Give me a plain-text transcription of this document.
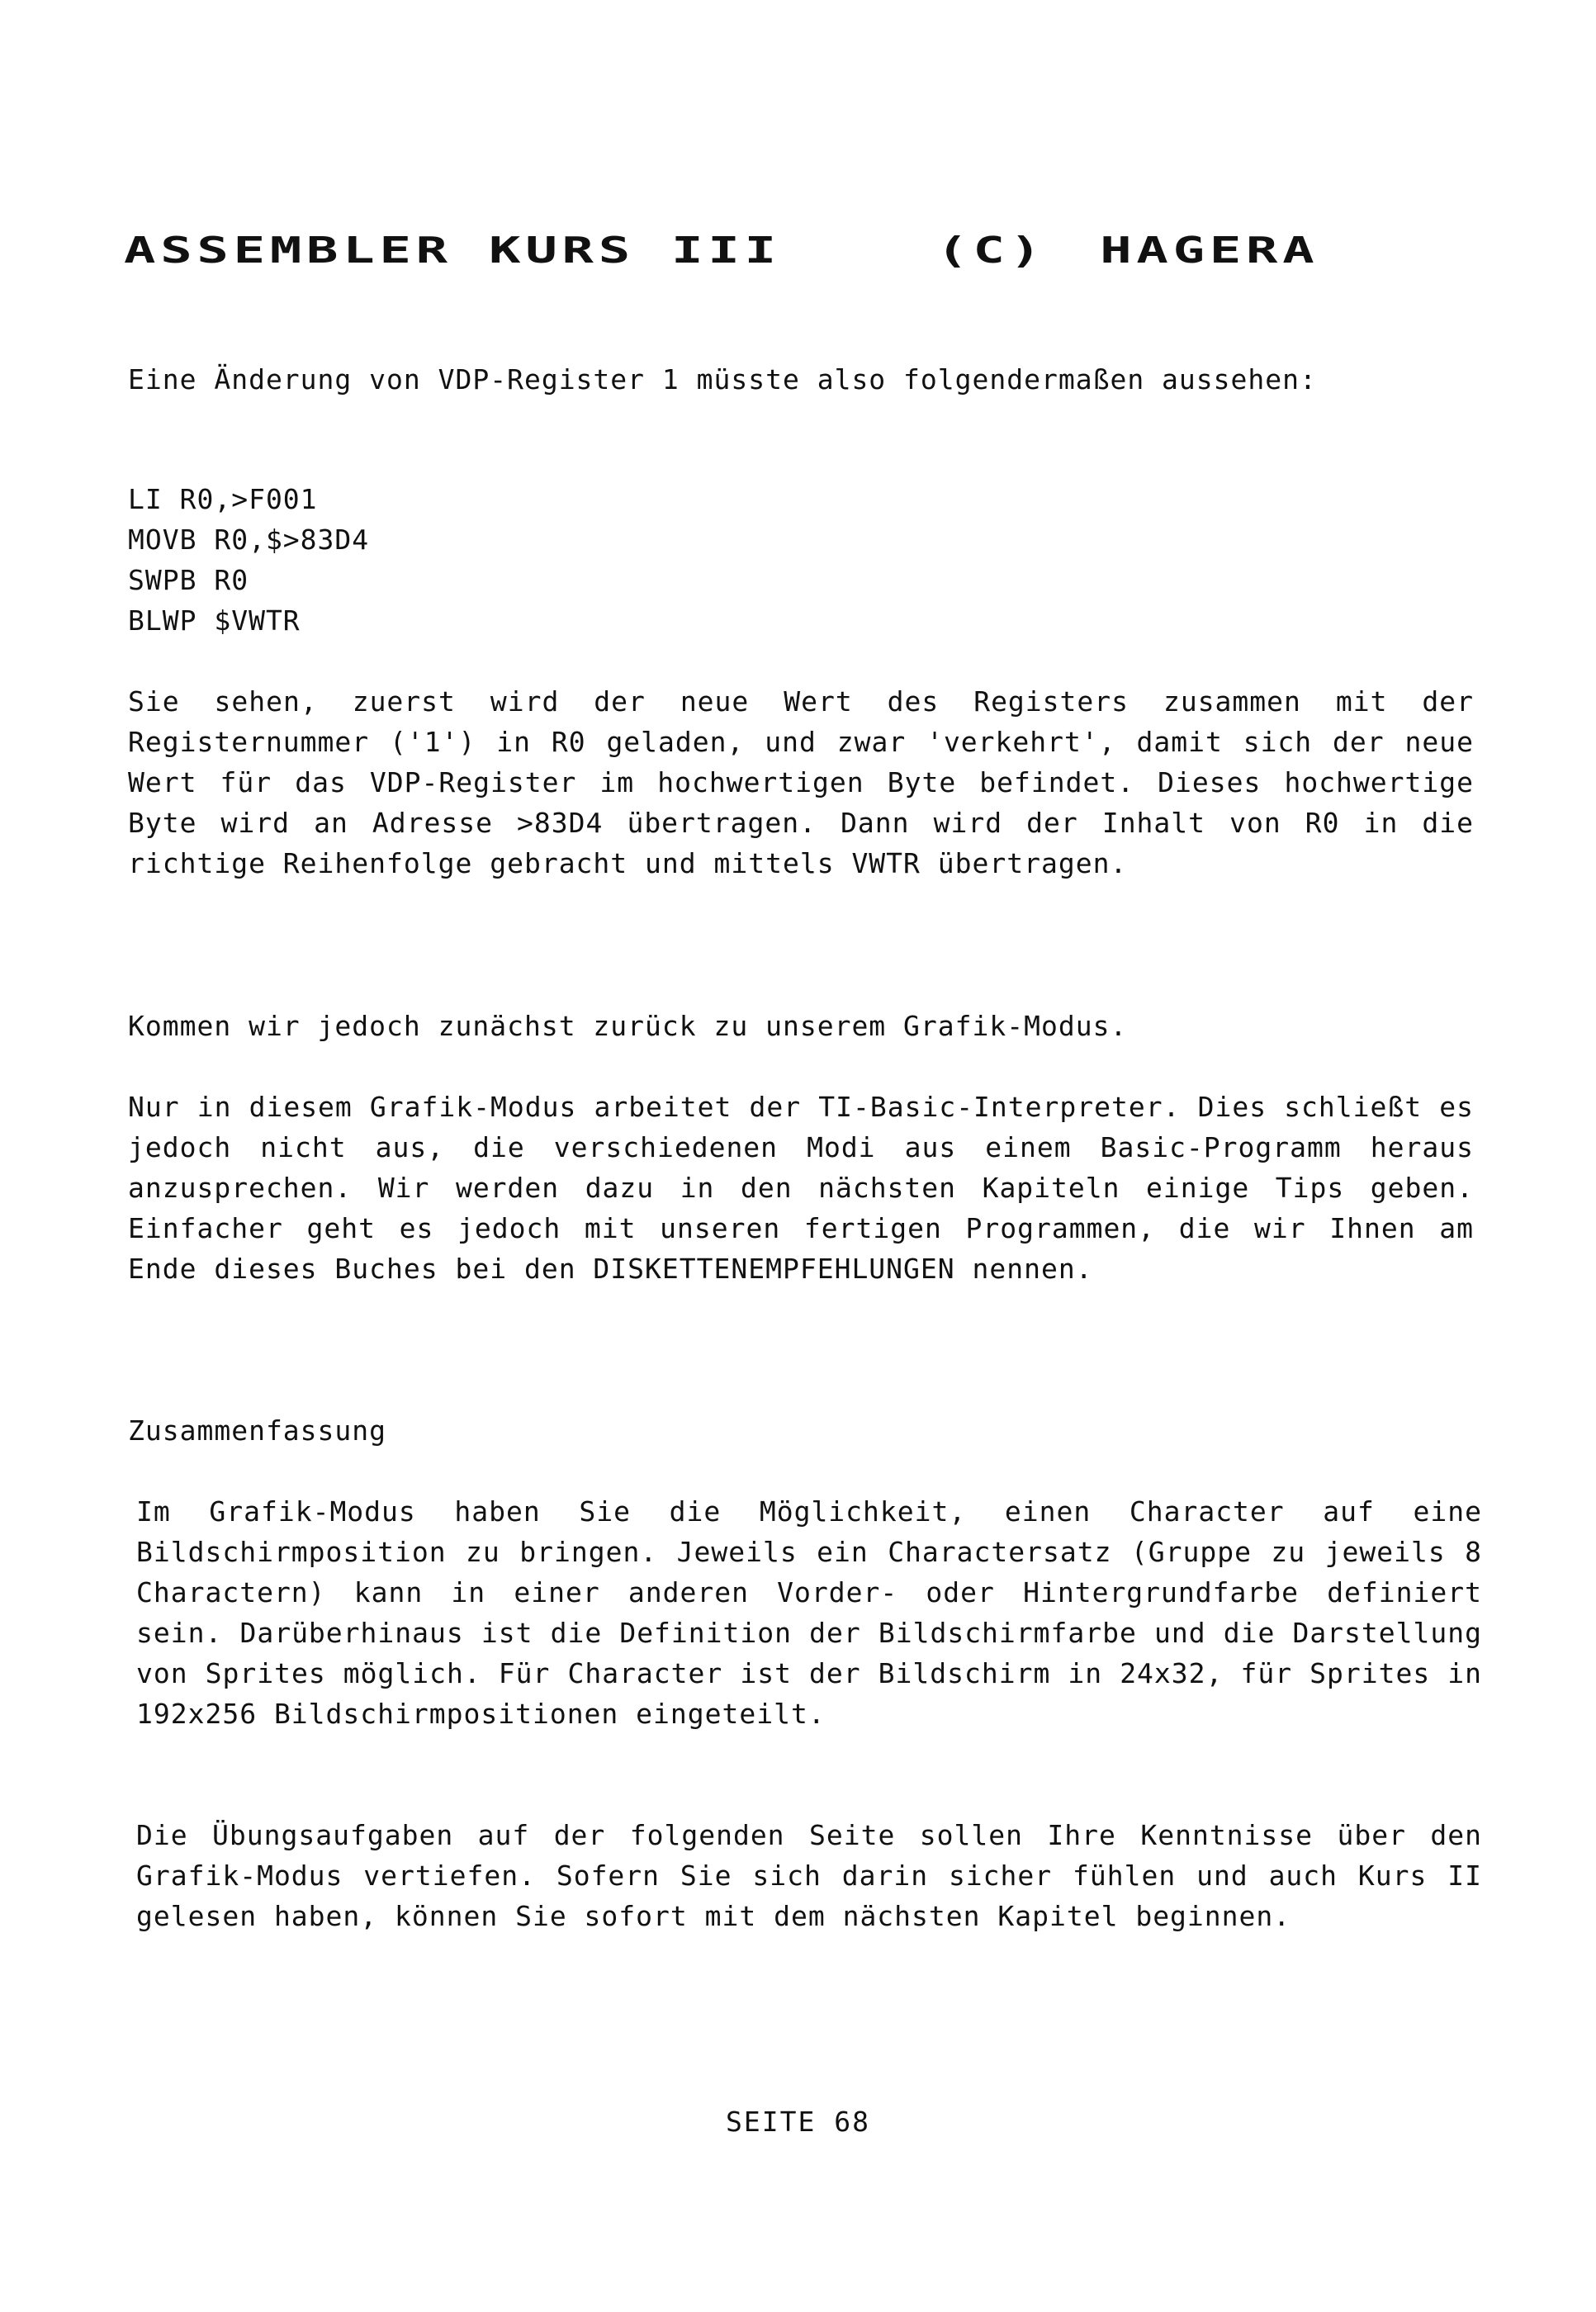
ASSEMBLER KURS III	(C) HAGERA

Eine Änderung von VDP-Register 1 müsste also folgendermaßen aussehen:

LI R0,>F001
MOVB R0,$>83D4
SWPB R0
BLWP $VWTR

Sie sehen, zuerst wird der neue Wert des Registers zusammen mit der Registernummer ('1') in R0 geladen, und zwar 'verkehrt', damit sich der neue Wert für das VDP-Register im hochwertigen Byte befindet. Dieses hochwertige Byte wird an Adresse >83D4 übertragen. Dann wird der Inhalt von R0 in die richtige Reihenfolge gebracht und mittels VWTR übertragen.

Kommen wir jedoch zunächst zurück zu unserem Grafik-Modus.

Nur in diesem Grafik-Modus arbeitet der TI-Basic-Interpreter. Dies schließt es jedoch nicht aus, die verschiedenen Modi aus einem Basic-Programm heraus anzusprechen. Wir werden dazu in den nächsten Kapiteln einige Tips geben. Einfacher geht es jedoch mit unseren fertigen Programmen, die wir Ihnen am Ende dieses Buches bei den DISKETTENEMPFEHLUNGEN nennen.

Zusammenfassung

Im Grafik-Modus haben Sie die Möglichkeit, einen Character auf eine Bildschirmposition zu bringen. Jeweils ein Charactersatz (Gruppe zu jeweils 8 Charactern) kann in einer anderen Vorder- oder Hintergrundfarbe definiert sein. Darüberhinaus ist die Definition der Bildschirmfarbe und die Darstellung von Sprites möglich. Für Character ist der Bildschirm in 24x32, für Sprites in 192x256 Bildschirmpositionen eingeteilt.

Die Übungsaufgaben auf der folgenden Seite sollen Ihre Kenntnisse über den Grafik-Modus vertiefen. Sofern Sie sich darin sicher fühlen und auch Kurs II gelesen haben, können Sie sofort mit dem nächsten Kapitel beginnen.

SEITE 68
